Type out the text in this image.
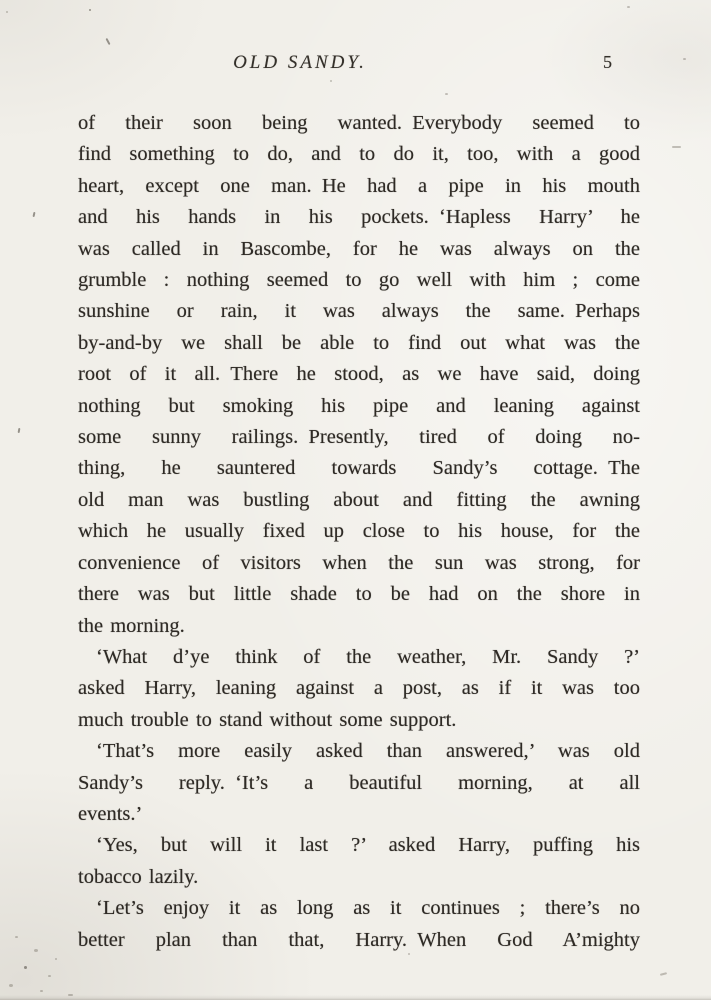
OLD SANDY.	5
of their soon being wanted. Everybody seemed to
find something to do, and to do it, too, with a good
heart, except one man. He had a pipe in his mouth
and his hands in his pockets. ‘Hapless Harry’ he
was called in Bascombe, for he was always on the
grumble : nothing seemed to go well with him ; come
sunshine or rain, it was always the same. Perhaps
by-and-by we shall be able to find out what was the
root of it all. There he stood, as we have said, doing
nothing but smoking his pipe and leaning against
some sunny railings. Presently, tired of doing no-
thing, he sauntered towards Sandy’s cottage. The
old man was bustling about and fitting the awning
which he usually fixed up close to his house, for the
convenience of visitors when the sun was strong, for
there was but little shade to be had on the shore in
the morning.
‘What d’ye think of the weather, Mr. Sandy ?’
asked Harry, leaning against a post, as if it was too
much trouble to stand without some support.
‘That’s more easily asked than answered,’ was old
Sandy’s reply. ‘It’s a beautiful morning, at all
events.’
‘Yes, but will it last ?’ asked Harry, puffing his
tobacco lazily.
‘Let’s enjoy it as long as it continues ; there’s no
better plan than that, Harry. When God A’mighty
